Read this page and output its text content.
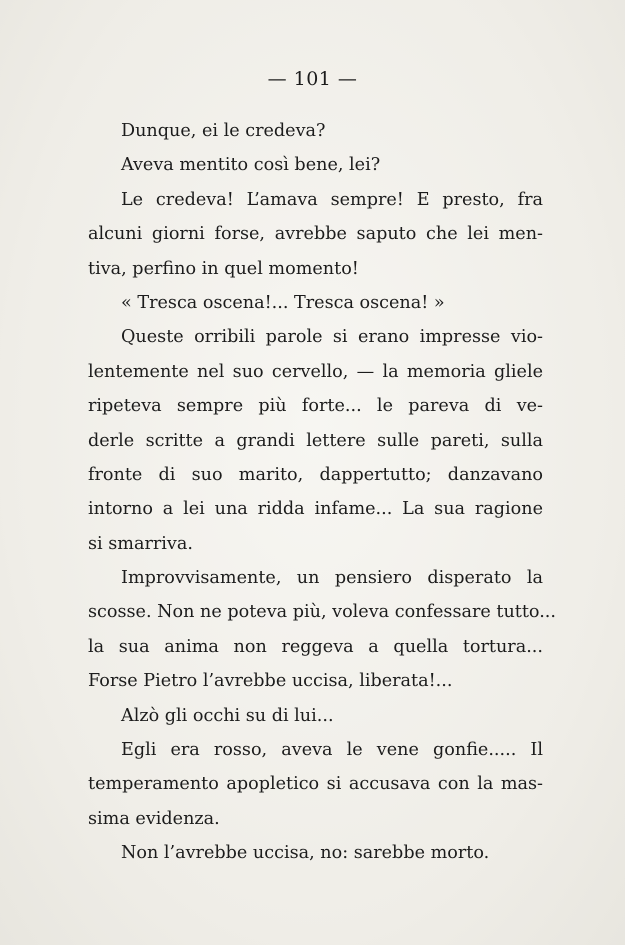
— 101 —
Dunque, ei le credeva?
Aveva mentito così bene, lei?
Le credeva! L’amava sempre! E presto, fra
alcuni giorni forse, avrebbe saputo che lei men-
tiva, perfino in quel momento!
« Tresca oscena!... Tresca oscena! »
Queste orribili parole si erano impresse vio-
lentemente nel suo cervello, — la memoria gliele
ripeteva sempre più forte... le pareva di ve-
derle scritte a grandi lettere sulle pareti, sulla
fronte di suo marito, dappertutto; danzavano
intorno a lei una ridda infame... La sua ragione
si smarriva.
Improvvisamente, un pensiero disperato la
scosse. Non ne poteva più, voleva confessare tutto...
la sua anima non reggeva a quella tortura...
Forse Pietro l’avrebbe uccisa, liberata!...
Alzò gli occhi su di lui...
Egli era rosso, aveva le vene gonfie..... Il
temperamento apopletico si accusava con la mas-
sima evidenza.
Non l’avrebbe uccisa, no: sarebbe morto.
